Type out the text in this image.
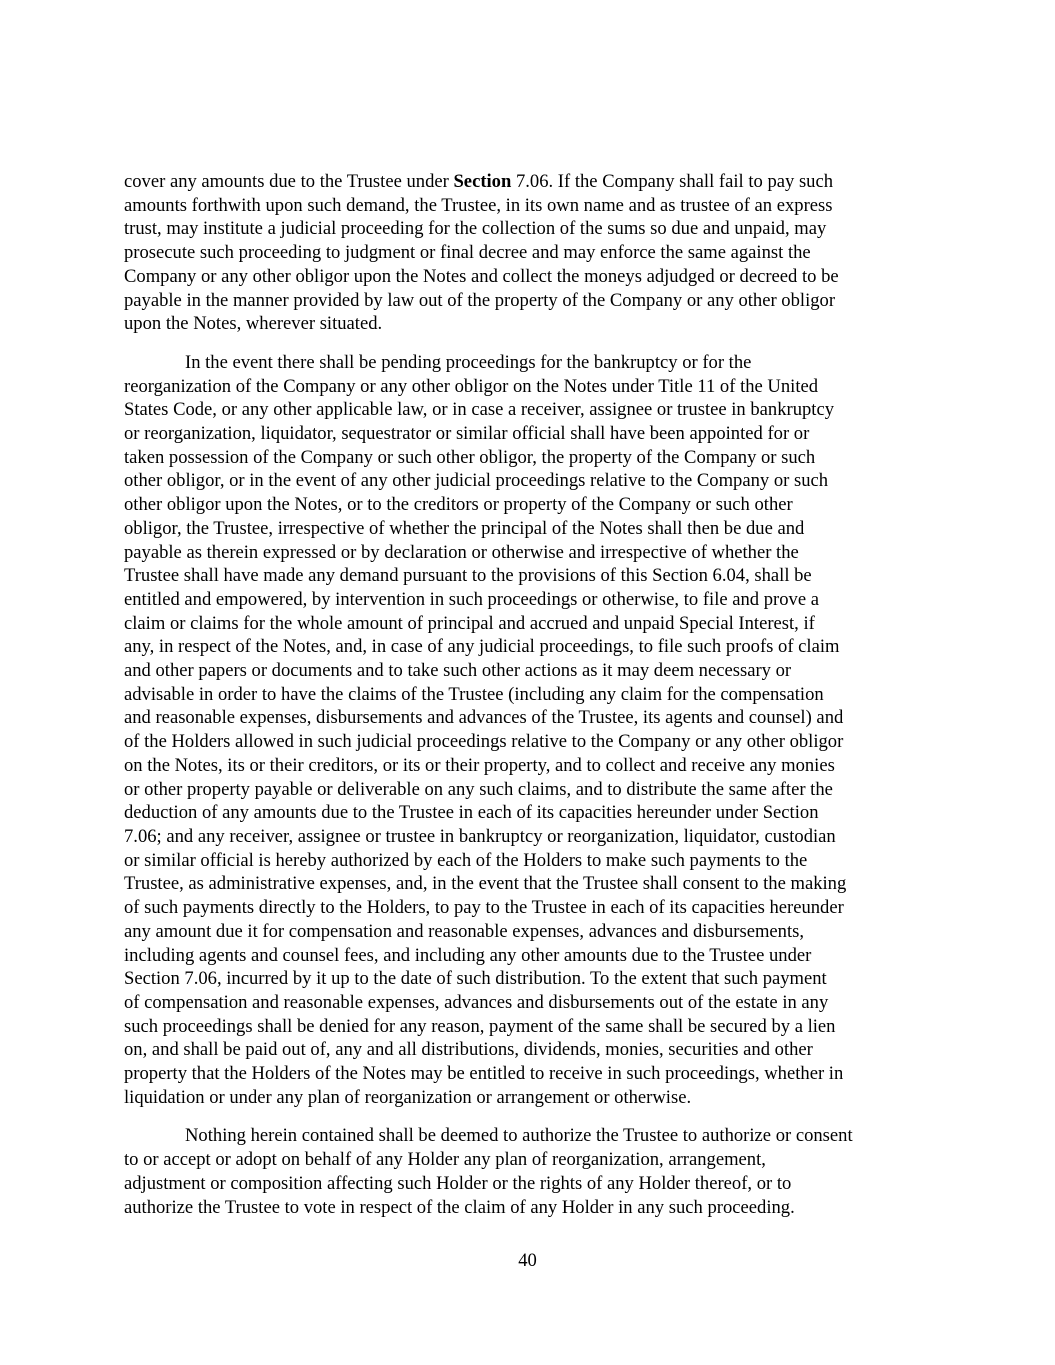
cover any amounts due to the Trustee under Section 7.06. If the Company shall fail to pay such
amounts forthwith upon such demand, the Trustee, in its own name and as trustee of an express
trust, may institute a judicial proceeding for the collection of the sums so due and unpaid, may
prosecute such proceeding to judgment or final decree and may enforce the same against the
Company or any other obligor upon the Notes and collect the moneys adjudged or decreed to be
payable in the manner provided by law out of the property of the Company or any other obligor
upon the Notes, wherever situated.

In the event there shall be pending proceedings for the bankruptcy or for the
reorganization of the Company or any other obligor on the Notes under Title 11 of the United
States Code, or any other applicable law, or in case a receiver, assignee or trustee in bankruptcy
or reorganization, liquidator, sequestrator or similar official shall have been appointed for or
taken possession of the Company or such other obligor, the property of the Company or such
other obligor, or in the event of any other judicial proceedings relative to the Company or such
other obligor upon the Notes, or to the creditors or property of the Company or such other
obligor, the Trustee, irrespective of whether the principal of the Notes shall then be due and
payable as therein expressed or by declaration or otherwise and irrespective of whether the
Trustee shall have made any demand pursuant to the provisions of this Section 6.04, shall be
entitled and empowered, by intervention in such proceedings or otherwise, to file and prove a
claim or claims for the whole amount of principal and accrued and unpaid Special Interest, if
any, in respect of the Notes, and, in case of any judicial proceedings, to file such proofs of claim
and other papers or documents and to take such other actions as it may deem necessary or
advisable in order to have the claims of the Trustee (including any claim for the compensation
and reasonable expenses, disbursements and advances of the Trustee, its agents and counsel) and
of the Holders allowed in such judicial proceedings relative to the Company or any other obligor
on the Notes, its or their creditors, or its or their property, and to collect and receive any monies
or other property payable or deliverable on any such claims, and to distribute the same after the
deduction of any amounts due to the Trustee in each of its capacities hereunder under Section
7.06; and any receiver, assignee or trustee in bankruptcy or reorganization, liquidator, custodian
or similar official is hereby authorized by each of the Holders to make such payments to the
Trustee, as administrative expenses, and, in the event that the Trustee shall consent to the making
of such payments directly to the Holders, to pay to the Trustee in each of its capacities hereunder
any amount due it for compensation and reasonable expenses, advances and disbursements,
including agents and counsel fees, and including any other amounts due to the Trustee under
Section 7.06, incurred by it up to the date of such distribution. To the extent that such payment
of compensation and reasonable expenses, advances and disbursements out of the estate in any
such proceedings shall be denied for any reason, payment of the same shall be secured by a lien
on, and shall be paid out of, any and all distributions, dividends, monies, securities and other
property that the Holders of the Notes may be entitled to receive in such proceedings, whether in
liquidation or under any plan of reorganization or arrangement or otherwise.

Nothing herein contained shall be deemed to authorize the Trustee to authorize or consent
to or accept or adopt on behalf of any Holder any plan of reorganization, arrangement,
adjustment or composition affecting such Holder or the rights of any Holder thereof, or to
authorize the Trustee to vote in respect of the claim of any Holder in any such proceeding.

40
